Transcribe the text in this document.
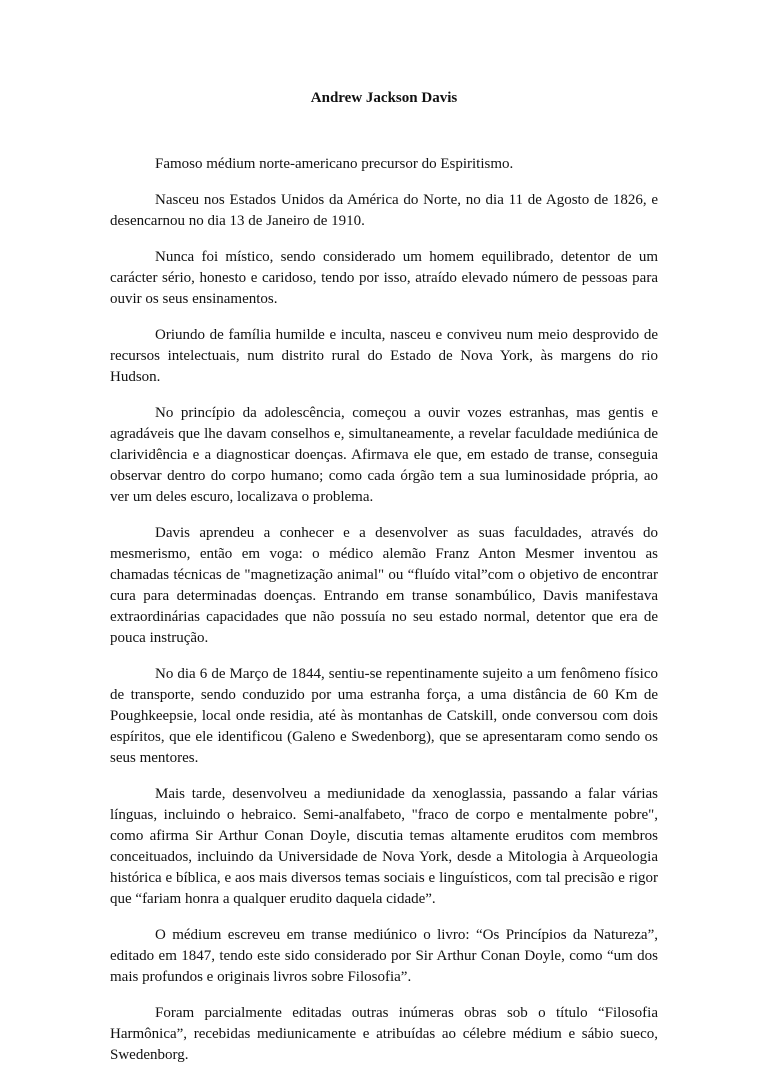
Andrew Jackson Davis

Famoso médium norte-americano precursor do Espiritismo.

Nasceu nos Estados Unidos da América do Norte, no dia 11 de Agosto de 1826, e desencarnou no dia 13 de Janeiro de 1910.

Nunca foi místico, sendo considerado um homem equilibrado, detentor de um carácter sério, honesto e caridoso, tendo por isso, atraído elevado número de pessoas para ouvir os seus ensinamentos.

Oriundo de família humilde e inculta, nasceu e conviveu num meio desprovido de recursos intelectuais, num distrito rural do Estado de Nova York, às margens do rio Hudson.

No princípio da adolescência, começou a ouvir vozes estranhas, mas gentis e agradáveis que lhe davam conselhos e, simultaneamente, a revelar faculdade mediúnica de clarividência e a diagnosticar doenças. Afirmava ele que, em estado de transe, conseguia observar dentro do corpo humano; como cada órgão tem a sua luminosidade própria, ao ver um deles escuro, localizava o problema.

Davis aprendeu a conhecer e a desenvolver as suas faculdades, através do mesmerismo, então em voga: o médico alemão Franz Anton Mesmer inventou as chamadas técnicas de "magnetização animal" ou “fluído vital”com o objetivo de encontrar cura para determinadas doenças. Entrando em transe sonambúlico, Davis manifestava extraordinárias capacidades que não possuía no seu estado normal, detentor que era de pouca instrução.

No dia 6 de Março de 1844, sentiu-se repentinamente sujeito a um fenômeno físico de transporte, sendo conduzido por uma estranha força, a uma distância de 60 Km de Poughkeepsie, local onde residia, até às montanhas de Catskill, onde conversou com dois espíritos, que ele identificou (Galeno e Swedenborg), que se apresentaram como sendo os seus mentores.

Mais tarde, desenvolveu a mediunidade da xenoglassia, passando a falar várias línguas, incluindo o hebraico. Semi-analfabeto, "fraco de corpo e mentalmente pobre", como afirma Sir Arthur Conan Doyle, discutia temas altamente eruditos com membros conceituados, incluindo da Universidade de Nova York, desde a Mitologia à Arqueologia histórica e bíblica, e aos mais diversos temas sociais e linguísticos, com tal precisão e rigor que “fariam honra a qualquer erudito daquela cidade”.

O médium escreveu em transe mediúnico o livro: “Os Princípios da Natureza”, editado em 1847, tendo este sido considerado por Sir Arthur Conan Doyle, como “um dos mais profundos e originais livros sobre Filosofia”.

Foram parcialmente editadas outras inúmeras obras sob o título “Filosofia Harmônica”, recebidas mediunicamente e atribuídas ao célebre médium e sábio sueco, Swedenborg.
